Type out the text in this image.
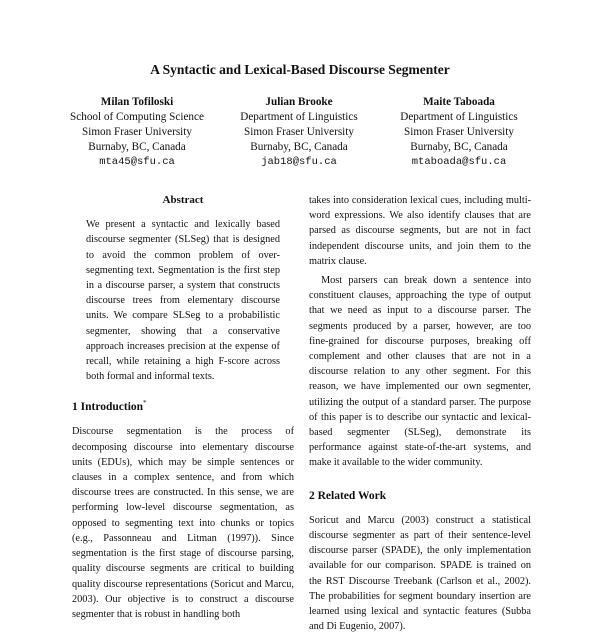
A Syntactic and Lexical-Based Discourse Segmenter
Milan Tofiloski
School of Computing Science
Simon Fraser University
Burnaby, BC, Canada
mta45@sfu.ca
Julian Brooke
Department of Linguistics
Simon Fraser University
Burnaby, BC, Canada
jab18@sfu.ca
Maite Taboada
Department of Linguistics
Simon Fraser University
Burnaby, BC, Canada
mtaboada@sfu.ca

Abstract

We present a syntactic and lexically based discourse segmenter (SLSeg) that is designed to avoid the common problem of over-segmenting text. Segmentation is the first step in a discourse parser, a system that constructs discourse trees from elementary discourse units. We compare SLSeg to a probabilistic segmenter, showing that a conservative approach increases precision at the expense of recall, while retaining a high F-score across both formal and informal texts.

1 Introduction*

Discourse segmentation is the process of decomposing discourse into elementary discourse units (EDUs), which may be simple sentences or clauses in a complex sentence, and from which discourse trees are constructed. In this sense, we are performing low-level discourse segmentation, as opposed to segmenting text into chunks or topics (e.g., Passonneau and Litman (1997)). Since segmentation is the first stage of discourse parsing, quality discourse segments are critical to building quality discourse representations (Soricut and Marcu, 2003). Our objective is to construct a discourse segmenter that is robust in handling both

takes into consideration lexical cues, including multi-word expressions. We also identify clauses that are parsed as discourse segments, but are not in fact independent discourse units, and join them to the matrix clause.

Most parsers can break down a sentence into constituent clauses, approaching the type of output that we need as input to a discourse parser. The segments produced by a parser, however, are too fine-grained for discourse purposes, breaking off complement and other clauses that are not in a discourse relation to any other segment. For this reason, we have implemented our own segmenter, utilizing the output of a standard parser. The purpose of this paper is to describe our syntactic and lexical-based segmenter (SLSeg), demonstrate its performance against state-of-the-art systems, and make it available to the wider community.

2 Related Work

Soricut and Marcu (2003) construct a statistical discourse segmenter as part of their sentence-level discourse parser (SPADE), the only implementation available for our comparison. SPADE is trained on the RST Discourse Treebank (Carlson et al., 2002). The probabilities for segment boundary insertion are learned using lexical and syntactic features (Subba and Di Eugenio, 2007).
